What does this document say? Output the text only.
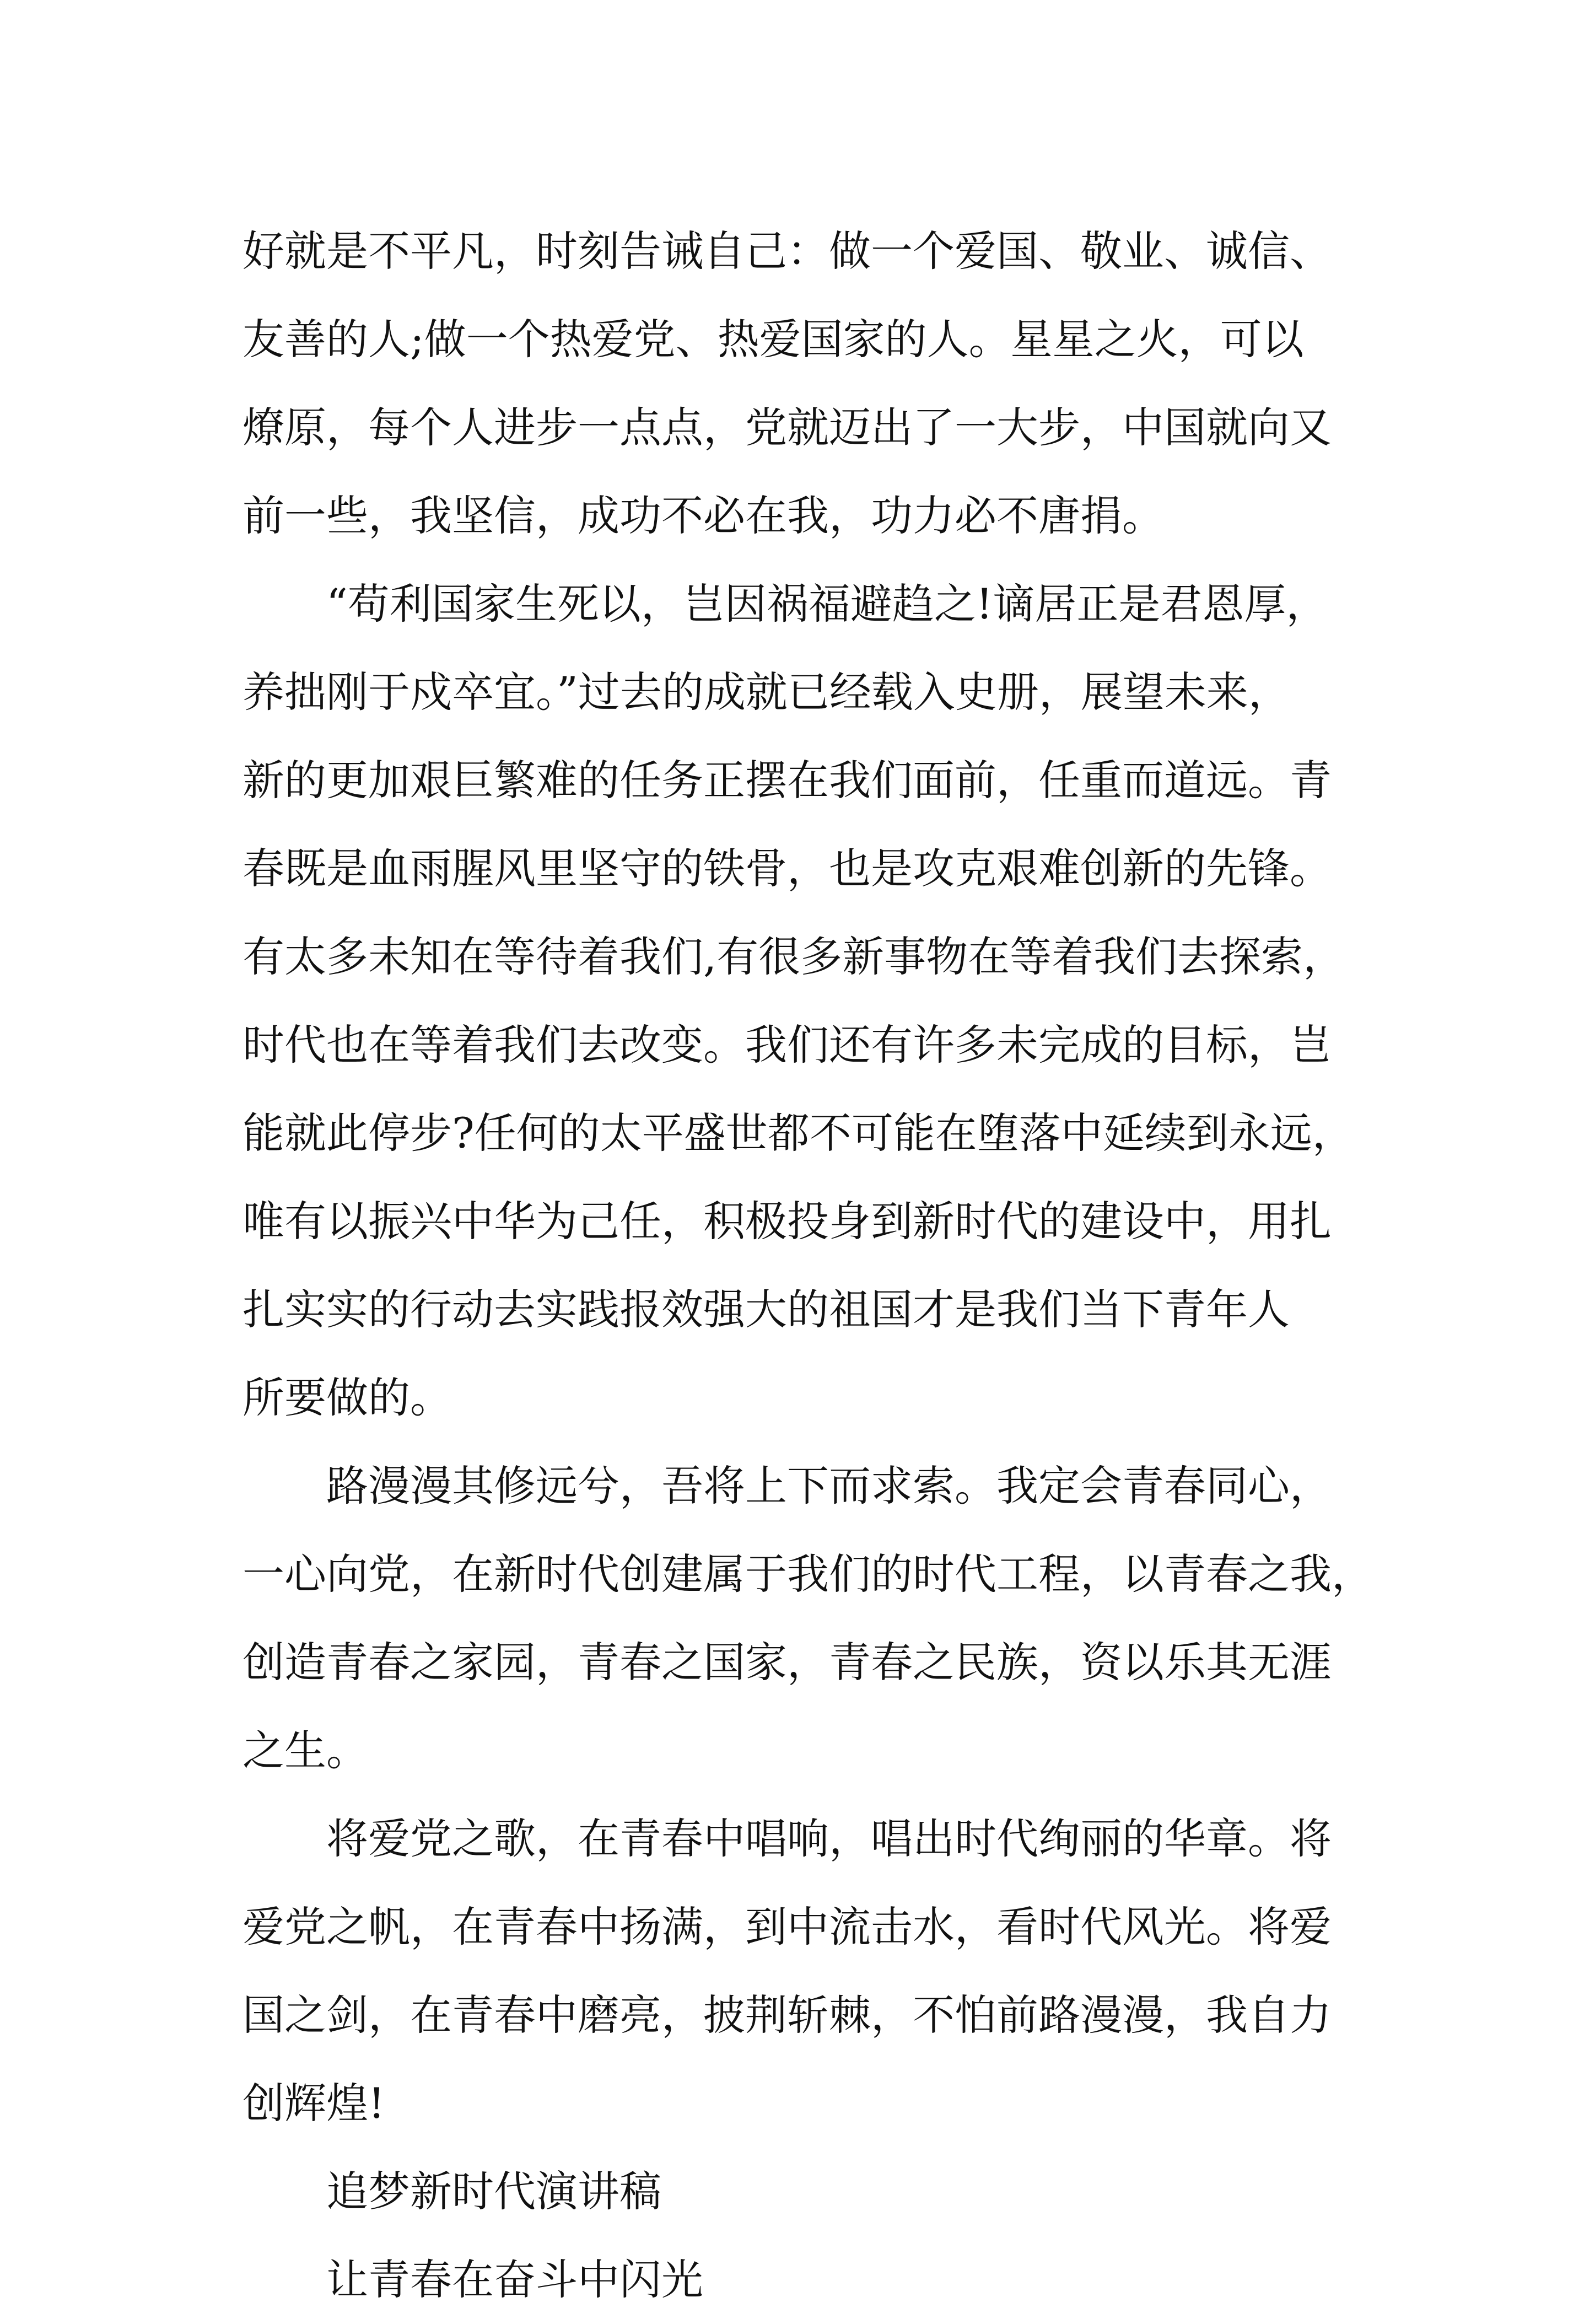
好就是不平凡，时刻告诫自己：做一个爱国、敬业、诚信、
友善的人;做一个热爱党、热爱国家的人。星星之火，可以
燎原，每个人进步一点点，党就迈出了一大步，中国就向又
前一些，我坚信，成功不必在我，功力必不唐捐。
“苟利国家生死以，岂因祸福避趋之!谪居正是君恩厚，
养拙刚于戍卒宜。”过去的成就已经载入史册，展望未来，
新的更加艰巨繁难的任务正摆在我们面前，任重而道远。青
春既是血雨腥风里坚守的铁骨，也是攻克艰难创新的先锋。
有太多未知在等待着我们,有很多新事物在等着我们去探索，
时代也在等着我们去改变。我们还有许多未完成的目标，岂
能就此停步?任何的太平盛世都不可能在堕落中延续到永远，
唯有以振兴中华为己任，积极投身到新时代的建设中，用扎
扎实实的行动去实践报效强大的祖国才是我们当下青年人
所要做的。
路漫漫其修远兮，吾将上下而求索。我定会青春同心，
一心向党，在新时代创建属于我们的时代工程，以青春之我，
创造青春之家园，青春之国家，青春之民族，资以乐其无涯
之生。
将爱党之歌，在青春中唱响，唱出时代绚丽的华章。将
爱党之帆，在青春中扬满，到中流击水，看时代风光。将爱
国之剑，在青春中磨亮，披荆斩棘，不怕前路漫漫，我自力
创辉煌!
追梦新时代演讲稿
让青春在奋斗中闪光
